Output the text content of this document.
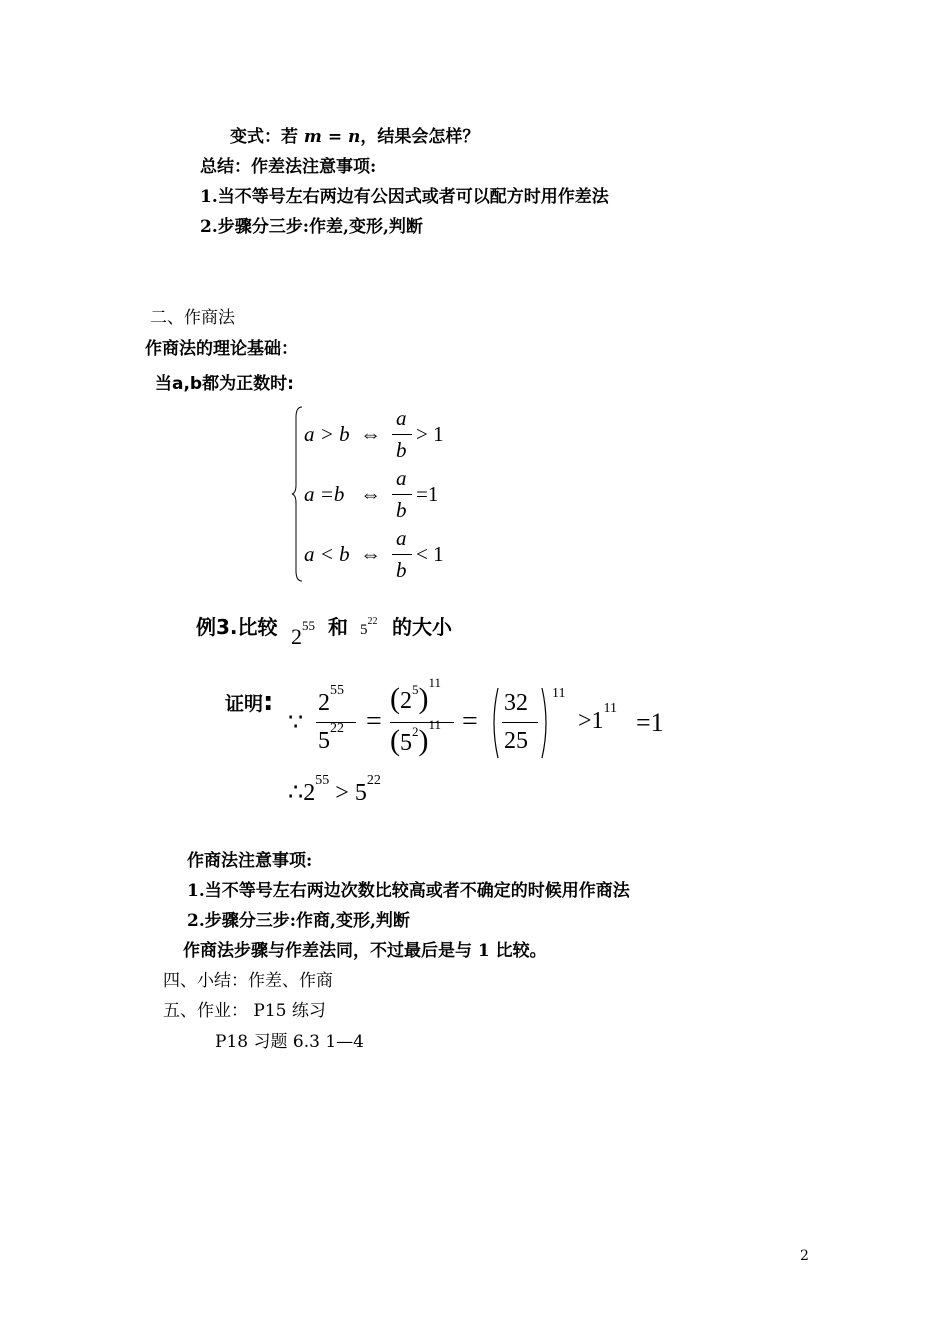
变式：若 m = n，结果会怎样？
总结：作差法注意事项:
1.当不等号左右两边有公因式或者可以配方时用作差法
2.步骤分三步:作差,变形,判断
二、作商法
作商法的理论基础：
当a,b都为正数时:
a > b ⇔
a
b
> 1
a =b ⇔
a
b
=1
a < b ⇔
a
b
< 1
例3.比较 $2^{55}$ 和 $5^{22}$ 的大小
证明:
∵
$2^{55}$
$5^{22}$ =
$(2^5)^{11}$
$(5^2)^{11}$ =
32
25
11
$>1^{11} =1$
$\therefore 2^{55} > 5^{22}$
作商法注意事项:
1.当不等号左右两边次数比较高或者不确定的时候用作商法
2.步骤分三步:作商,变形,判断
作商法步骤与作差法同，不过最后是与 1 比较。
四、小结：作差、作商
五、作业： P15 练习
P18 习题 6.3 1—4
2
